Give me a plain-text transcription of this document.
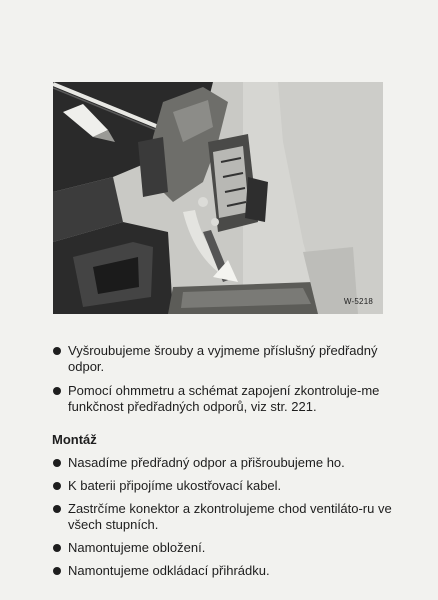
W-5218
Vyšroubujeme šrouby a vyjmeme příslušný předřadný odpor.
Pomocí ohmmetru a schémat zapojení zkontroluje-me funkčnost předřadných odporů, viz str. 221.
Montáž
Nasadíme předřadný odpor a přišroubujeme ho.
K baterii připojíme ukostřovací kabel.
Zastrčíme konektor a zkontrolujeme chod ventiláto-ru ve všech stupních.
Namontujeme obložení.
Namontujeme odkládací přihrádku.
